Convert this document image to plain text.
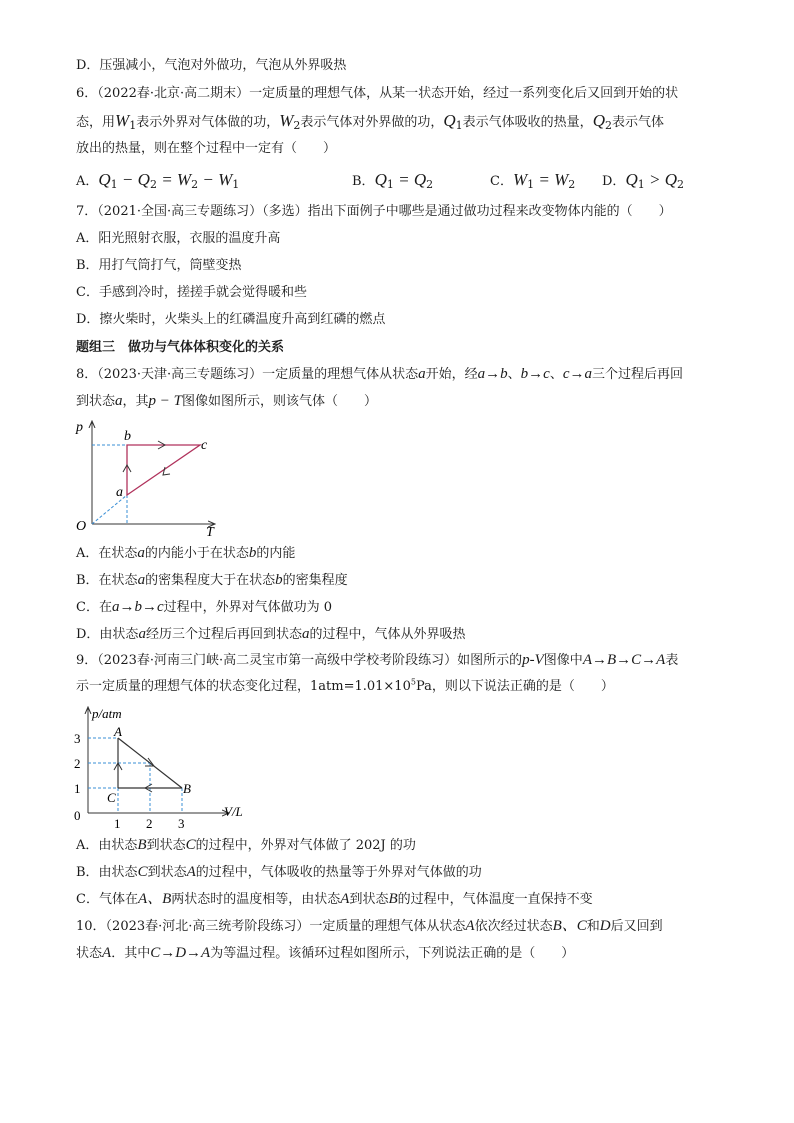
D．压强减小，气泡对外做功，气泡从外界吸热
6．（2022春·北京·高二期末）一定质量的理想气体，从某一状态开始，经过一系列变化后又回到开始的状
态，用$W_1$表示外界对气体做的功，$W_2$表示气体对外界做的功，$Q_1$表示气体吸收的热量，$Q_2$表示气体
放出的热量，则在整个过程中一定有（　　）
A．$Q_1 - Q_2 = W_2 - W_1$	B．$Q_1 = Q_2$	C．$W_1 = W_2$ D．$Q_1 > Q_2$
7．（2021·全国·高三专题练习）（多选）指出下面例子中哪些是通过做功过程来改变物体内能的（　　）
A．阳光照射衣服，衣服的温度升高
B．用打气筒打气，筒壁变热
C．手感到冷时，搓搓手就会觉得暖和些
D．擦火柴时，火柴头上的红磷温度升高到红磷的燃点
题组三　做功与气体体积变化的关系
8．（2023·天津·高三专题练习）一定质量的理想气体从状态a开始，经a→b、b→c、c→a三个过程后再回
到状态a，其p − T图像如图所示，则该气体（　　）
p
T
O
a
b
c
A．在状态a的内能小于在状态b的内能
B．在状态a的密集程度大于在状态b的密集程度
C．在a→b→c过程中，外界对气体做功为 0
D．由状态a经历三个过程后再回到状态a的过程中，气体从外界吸热
9．（2023春·河南三门峡·高二灵宝市第一高级中学校考阶段练习）如图所示的p-V图像中A→B→C→A表
示一定质量的理想气体的状态变化过程，$1atm=1.01\times 10^5Pa$，则以下说法正确的是（　　）
p/atm
V/L
3
2
1
0
1 2 3
A
B
C
A．由状态B到状态C的过程中，外界对气体做了 202J 的功
B．由状态C到状态A的过程中，气体吸收的热量等于外界对气体做的功
C．气体在A、B两状态时的温度相等，由状态A到状态B的过程中，气体温度一直保持不变
10．（2023春·河北·高三统考阶段练习）一定质量的理想气体从状态A依次经过状态B、C和D后又回到
状态A．其中C→D→A为等温过程。该循环过程如图所示，下列说法正确的是（　　）
